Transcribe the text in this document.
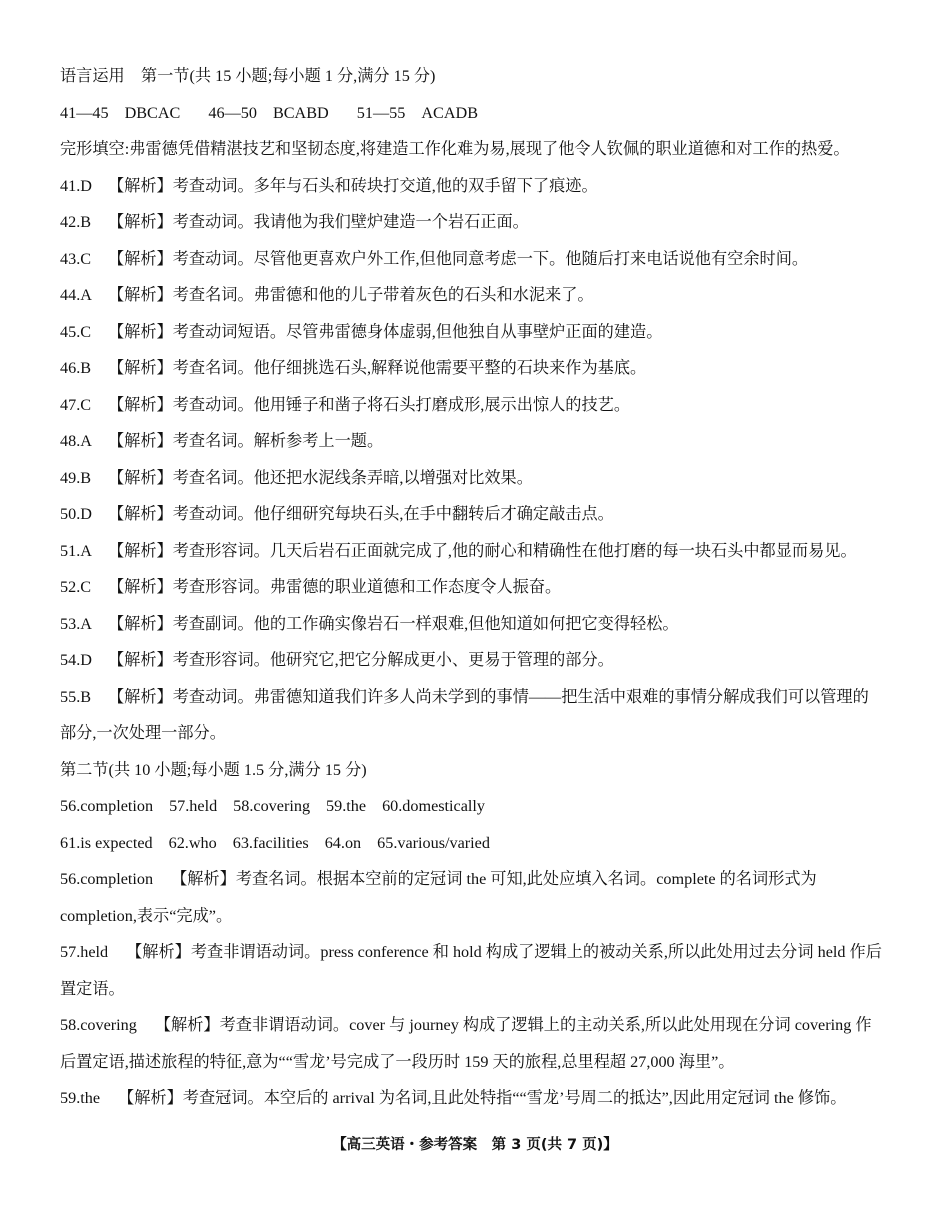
语言运用　第一节(共 15 小题;每小题 1 分,满分 15 分)
41—45 DBCAC 46—50 BCABD 51—55 ACADB
完形填空:弗雷德凭借精湛技艺和坚韧态度,将建造工作化难为易,展现了他令人钦佩的职业道德和对工作的热爱。
41.D 【解析】考查动词。多年与石头和砖块打交道,他的双手留下了痕迹。
42.B 【解析】考查动词。我请他为我们壁炉建造一个岩石正面。
43.C 【解析】考查动词。尽管他更喜欢户外工作,但他同意考虑一下。他随后打来电话说他有空余时间。
44.A 【解析】考查名词。弗雷德和他的儿子带着灰色的石头和水泥来了。
45.C 【解析】考查动词短语。尽管弗雷德身体虚弱,但他独自从事壁炉正面的建造。
46.B 【解析】考查名词。他仔细挑选石头,解释说他需要平整的石块来作为基底。
47.C 【解析】考查动词。他用锤子和凿子将石头打磨成形,展示出惊人的技艺。
48.A 【解析】考查名词。解析参考上一题。
49.B 【解析】考查名词。他还把水泥线条弄暗,以增强对比效果。
50.D 【解析】考查动词。他仔细研究每块石头,在手中翻转后才确定敲击点。
51.A 【解析】考查形容词。几天后岩石正面就完成了,他的耐心和精确性在他打磨的每一块石头中都显而易见。
52.C 【解析】考查形容词。弗雷德的职业道德和工作态度令人振奋。
53.A 【解析】考查副词。他的工作确实像岩石一样艰难,但他知道如何把它变得轻松。
54.D 【解析】考查形容词。他研究它,把它分解成更小、更易于管理的部分。
55.B 【解析】考查动词。弗雷德知道我们许多人尚未学到的事情——把生活中艰难的事情分解成我们可以管理的
部分,一次处理一部分。
第二节(共 10 小题;每小题 1.5 分,满分 15 分)
56.completion 57.held 58.covering 59.the 60.domestically
61.is expected 62.who 63.facilities 64.on 65.various/varied
56.completion 【解析】考查名词。根据本空前的定冠词 the 可知,此处应填入名词。complete 的名词形式为
completion,表示“完成”。
57.held 【解析】考查非谓语动词。press conference 和 hold 构成了逻辑上的被动关系,所以此处用过去分词 held 作后
置定语。
58.covering 【解析】考查非谓语动词。cover 与 journey 构成了逻辑上的主动关系,所以此处用现在分词 covering 作
后置定语,描述旅程的特征,意为““雪龙’号完成了一段历时 159 天的旅程,总里程超 27,000 海里”。
59.the 【解析】考查冠词。本空后的 arrival 为名词,且此处特指““雪龙’号周二的抵达”,因此用定冠词 the 修饰。
【高三英语・参考答案　第 3 页(共 7 页)】
